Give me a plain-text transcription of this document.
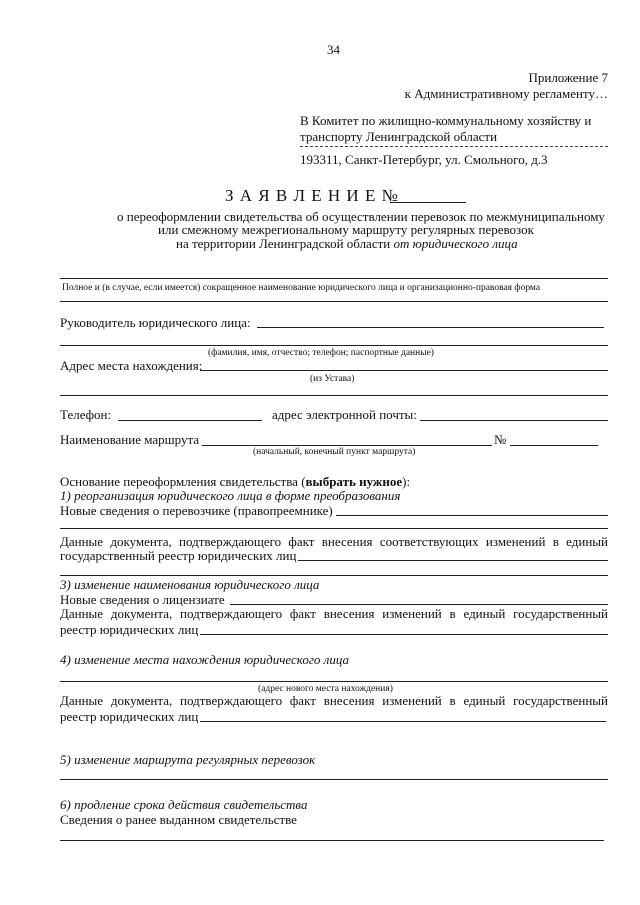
34
Приложение 7
к Административному регламенту…
В Комитет по жилищно-коммунальному хозяйству и
транспорту Ленинградской области
193311, Санкт-Петербург, ул. Смольного, д.3
З А Я В Л Е Н И Е №
о переоформлении свидетельства об осуществлении перевозок по межмуниципальному
или смежному межрегиональному маршруту регулярных перевозок
на территории Ленинградской области от юридического лица
Полное и (в случае, если имеется) сокращенное наименование юридического лица и организационно-правовая форма
Руководитель юридического лица:
(фамилия, имя, отчество; телефон; паспортные данные)
Адрес места нахождения:
(из Устава)
Телефон:	адрес электронной почты:
Наименование маршрута	№
(начальный, конечный пункт маршрута)
Основание переоформления свидетельства (выбрать нужное):
1) реорганизация юридического лица в форме преобразования
Новые сведения о перевозчике (правопреемнике)
Данные документа, подтверждающего факт внесения соответствующих изменений в единый
государственный реестр юридических лиц
3) изменение наименования юридического лица
Новые сведения о лицензиате
Данные документа, подтверждающего факт внесения изменений в единый государственный
реестр юридических лиц
4) изменение места нахождения юридического лица
(адрес нового места нахождения)
Данные документа, подтверждающего факт внесения изменений в единый государственный
реестр юридических лиц
5) изменение маршрута регулярных перевозок
6) продление срока действия свидетельства
Сведения о ранее выданном свидетельстве
